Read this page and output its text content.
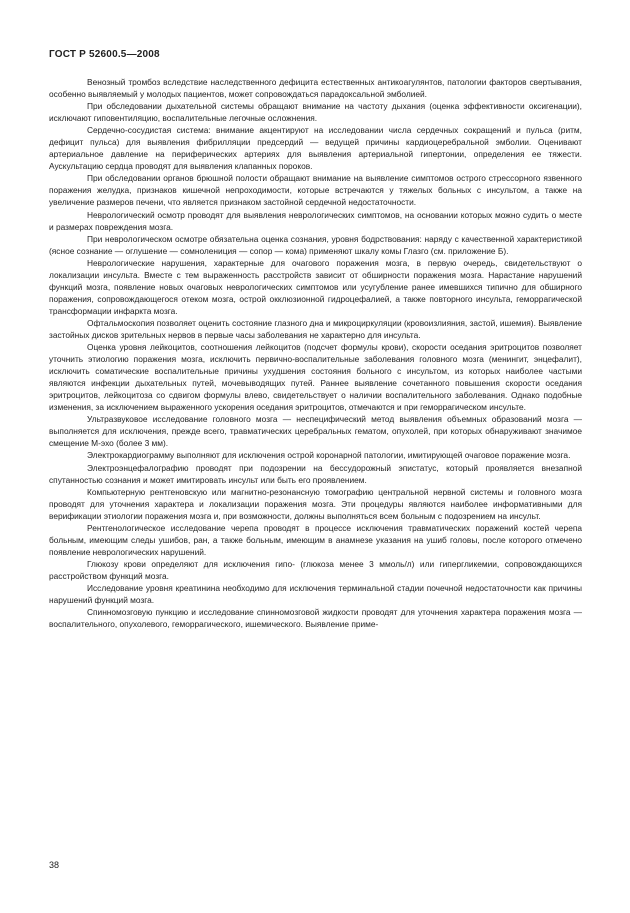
ГОСТ Р 52600.5—2008

Венозный тромбоз вследствие наследственного дефицита естественных антикоагулянтов, патологии факторов свертывания, особенно выявляемый у молодых пациентов, может сопровождаться парадоксальной эмболией.

При обследовании дыхательной системы обращают внимание на частоту дыхания (оценка эффективности оксигенации), исключают гиповентиляцию, воспалительные легочные осложнения.

Сердечно-сосудистая система: внимание акцентируют на исследовании числа сердечных сокращений и пульса (ритм, дефицит пульса) для выявления фибрилляции предсердий — ведущей причины кардиоцеребральной эмболии. Оценивают артериальное давление на периферических артериях для выявления артериальной гипертонии, определения ее тяжести. Аускультацию сердца проводят для выявления клапанных пороков.

При обследовании органов брюшной полости обращают внимание на выявление симптомов острого стрессорного язвенного поражения желудка, признаков кишечной непроходимости, которые встречаются у тяжелых больных с инсультом, а также на увеличение размеров печени, что является признаком застойной сердечной недостаточности.

Неврологический осмотр проводят для выявления неврологических симптомов, на основании которых можно судить о месте и размерах повреждения мозга.

При неврологическом осмотре обязательна оценка сознания, уровня бодрствования: наряду с качественной характеристикой (ясное сознание — оглушение — сомнолениция — сопор — кома) применяют шкалу комы Глазго (см. приложение Б).

Неврологические нарушения, характерные для очагового поражения мозга, в первую очередь, свидетельствуют о локализации инсульта. Вместе с тем выраженность расстройств зависит от обширности поражения мозга. Нарастание нарушений функций мозга, появление новых очаговых неврологических симптомов или усугубление ранее имевшихся типично для обширного поражения, сопровождающегося отеком мозга, острой окклюзионной гидроцефалией, а также повторного инсульта, геморрагической трансформации инфаркта мозга.

Офтальмоскопия позволяет оценить состояние глазного дна и микроциркуляции (кровоизлияния, застой, ишемия). Выявление застойных дисков зрительных нервов в первые часы заболевания не характерно для инсульта.

Оценка уровня лейкоцитов, соотношения лейкоцитов (подсчет формулы крови), скорости оседания эритроцитов позволяет уточнить этиологию поражения мозга, исключить первично-воспалительные заболевания головного мозга (менингит, энцефалит), исключить соматические воспалительные причины ухудшения состояния больного с инсультом, из которых наиболее частыми являются инфекции дыхательных путей, мочевыводящих путей. Раннее выявление сочетанного повышения скорости оседания эритроцитов, лейкоцитоза со сдвигом формулы влево, свидетельствует о наличии воспалительного заболевания. Однако подобные изменения, за исключением выраженного ускорения оседания эритроцитов, отмечаются и при геморрагическом инсульте.

Ультразвуковое исследование головного мозга — неспецифический метод выявления объемных образований мозга — выполняется для исключения, прежде всего, травматических церебральных гематом, опухолей, при которых обнаруживают значимое смещение М-эхо (более 3 мм).

Электрокардиограмму выполняют для исключения острой коронарной патологии, имитирующей очаговое поражение мозга.

Электроэнцефалографию проводят при подозрении на бессудорожный эпистатус, который проявляется внезапной спутанностью сознания и может имитировать инсульт или быть его проявлением.

Компьютерную рентгеновскую или магнитно-резонансную томографию центральной нервной системы и головного мозга проводят для уточнения характера и локализации поражения мозга. Эти процедуры являются наиболее информативными для верификации этиологии поражения мозга и, при возможности, должны выполняться всем больным с подозрением на инсульт.

Рентгенологическое исследование черепа проводят в процессе исключения травматических поражений костей черепа больным, имеющим следы ушибов, ран, а также больным, имеющим в анамнезе указания на ушиб головы, после которого отмечено появление неврологических нарушений.

Глюкозу крови определяют для исключения гипо- (глюкоза менее 3 ммоль/л) или гипергликемии, сопровождающихся расстройством функций мозга.

Исследование уровня креатинина необходимо для исключения терминальной стадии почечной недостаточности как причины нарушений функций мозга.

Спинномозговую пункцию и исследование спинномозговой жидкости проводят для уточнения характера поражения мозга — воспалительного, опухолевого, геморрагического, ишемического. Выявление приме-

38
